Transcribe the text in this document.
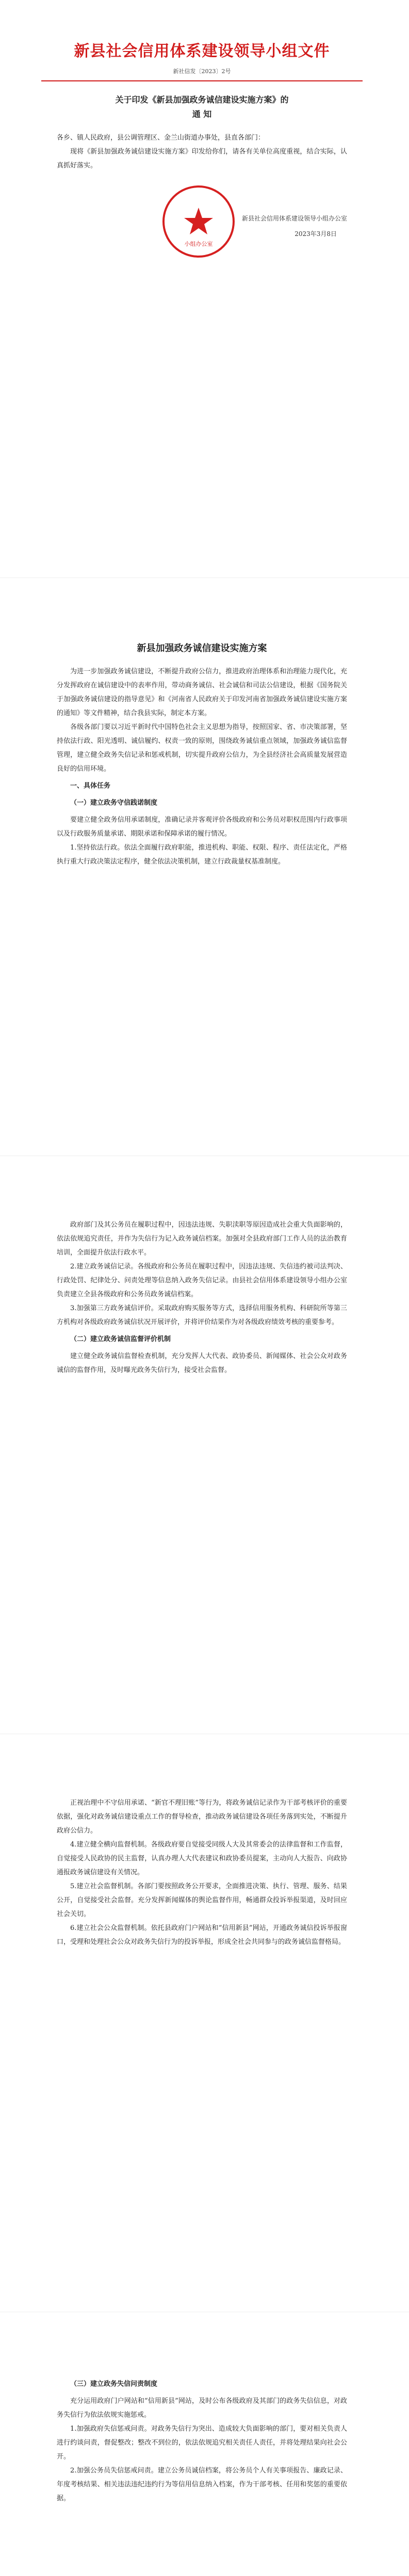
新县社会信用体系建设领导小组文件
新社信发〔2023〕2号
关于印发《新县加强政务诚信建设实施方案》的
通 知

各乡、镇人民政府，县公调管理区、金兰山街道办事处，县直各部门：

现将《新县加强政务诚信建设实施方案》印发给你们，请各有关单位高度重视，结合实际，认真抓好落实。

小组办公室
新县社会信用体系建设领导小组办公室
2023年3月8日
新县加强政务诚信建设实施方案

为进一步加强政务诚信建设，不断提升政府公信力，推进政府治理体系和治理能力现代化，充分发挥政府在诚信建设中的表率作用，带动商务诚信、社会诚信和司法公信建设，根据《国务院关于加强政务诚信建设的指导意见》和《河南省人民政府关于印发河南省加强政务诚信建设实施方案的通知》等文件精神，结合我县实际，制定本方案。

各级各部门要以习近平新时代中国特色社会主义思想为指导，按照国家、省、市决策部署，坚持依法行政、阳光透明、诚信履约、权责一致的原则，围绕政务诚信重点领域，加强政务诚信监督管理，建立健全政务失信记录和惩戒机制，切实提升政府公信力，为全县经济社会高质量发展营造良好的信用环境。

一、具体任务
（一）建立政务守信践诺制度

要建立健全政务信用承诺制度，准确记录并客观评价各级政府和公务员对职权范围内行政事项以及行政服务质量承诺、期限承诺和保障承诺的履行情况。

1.坚持依法行政。依法全面履行政府职能，推进机构、职能、权限、程序、责任法定化，严格执行重大行政决策法定程序，健全依法决策机制，建立行政裁量权基准制度。

政府部门及其公务员在履职过程中，因违法违规、失职渎职等原因造成社会重大负面影响的，依法依规追究责任，并作为失信行为记入政务诚信档案。加强对全县政府部门工作人员的法治教育培训，全面提升依法行政水平。

2.建立政务诚信记录。各级政府和公务员在履职过程中，因违法违规、失信违约被司法判决、行政处罚、纪律处分、问责处理等信息纳入政务失信记录。由县社会信用体系建设领导小组办公室负责建立全县各级政府和公务员政务诚信档案。

3.加强第三方政务诚信评价。采取政府购买服务等方式，选择信用服务机构、科研院所等第三方机构对各级政府政务诚信状况开展评价，并将评价结果作为对各级政府绩效考核的重要参考。

（二）建立政务诚信监督评价机制

建立健全政务诚信监督检查机制，充分发挥人大代表、政协委员、新闻媒体、社会公众对政务诚信的监督作用，及时曝光政务失信行为，接受社会监督。

正视治理中不守信用承诺、“新官不理旧账”等行为，将政务诚信记录作为干部考核评价的重要依据，强化对政务诚信建设重点工作的督导检查，推动政务诚信建设各项任务落到实处，不断提升政府公信力。

4.建立健全横向监督机制。各级政府要自觉接受同级人大及其常委会的法律监督和工作监督，自觉接受人民政协的民主监督，认真办理人大代表建议和政协委员提案，主动向人大报告、向政协通报政务诚信建设有关情况。

5.建立社会监督机制。各部门要按照政务公开要求，全面推进决策、执行、管理、服务、结果公开，自觉接受社会监督。充分发挥新闻媒体的舆论监督作用，畅通群众投诉举报渠道，及时回应社会关切。

6.建立社会公众监督机制。依托县政府门户网站和“信用新县”网站，开通政务诚信投诉举报窗口，受理和处理社会公众对政务失信行为的投诉举报，形成全社会共同参与的政务诚信监督格局。

（三）建立政务失信问责制度

充分运用政府门户网站和“信用新县”网站，及时公布各级政府及其部门的政务失信信息，对政务失信行为依法依规实施惩戒。

1.加强政府失信惩戒问责。对政务失信行为突出、造成较大负面影响的部门，要对相关负责人进行约谈问责，督促整改；整改不到位的，依法依规追究相关责任人责任，并将处理结果向社会公开。

2.加强公务员失信惩戒问责。建立公务员诚信档案，将公务员个人有关事项报告、廉政记录、年度考核结果、相关违法违纪违约行为等信用信息纳入档案，作为干部考核、任用和奖惩的重要依据。
